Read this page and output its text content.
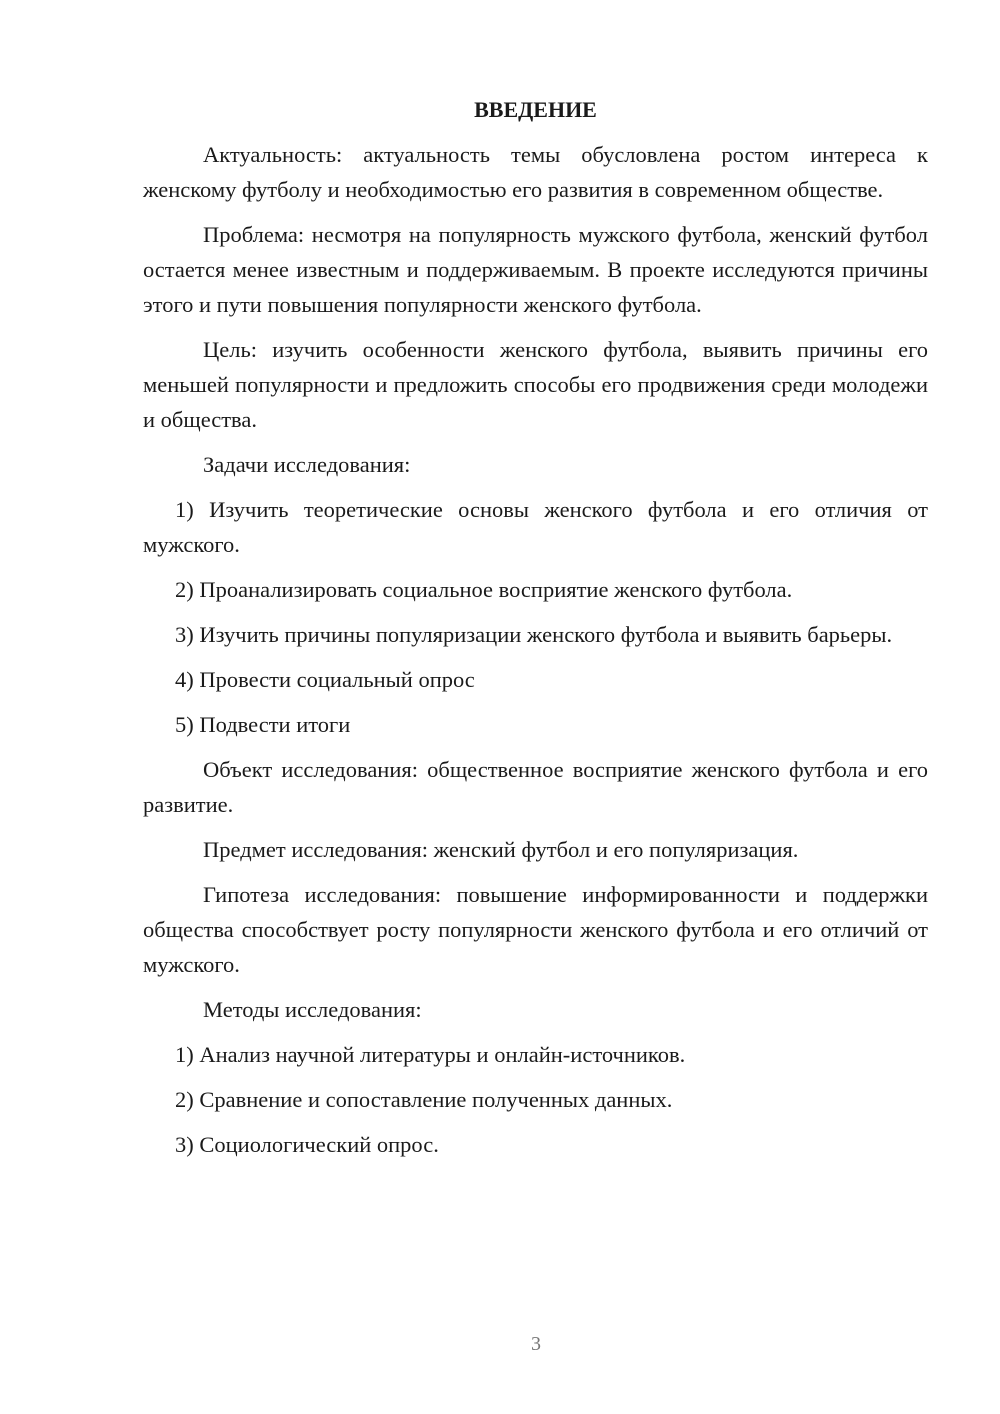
ВВЕДЕНИЕ

Актуальность: актуальность темы обусловлена ростом интереса к женскому футболу и необходимостью его развития в современном обществе.

Проблема: несмотря на популярность мужского футбола, женский футбол остается менее известным и поддерживаемым. В проекте исследуются причины этого и пути повышения популярности женского футбола.

Цель: изучить особенности женского футбола, выявить причины его меньшей популярности и предложить способы его продвижения среди молодежи и общества.

Задачи исследования:

1) Изучить теоретические основы женского футбола и его отличия от мужского.

2) Проанализировать социальное восприятие женского футбола.

3) Изучить причины популяризации женского футбола и выявить барьеры.

4) Провести социальный опрос

5) Подвести итоги

Объект исследования: общественное восприятие женского футбола и его развитие.

Предмет исследования: женский футбол и его популяризация.

Гипотеза исследования: повышение информированности и поддержки общества способствует росту популярности женского футбола и его отличий от мужского.

Методы исследования:

1) Анализ научной литературы и онлайн-источников.

2) Сравнение и сопоставление полученных данных.

3) Социологический опрос.

3
